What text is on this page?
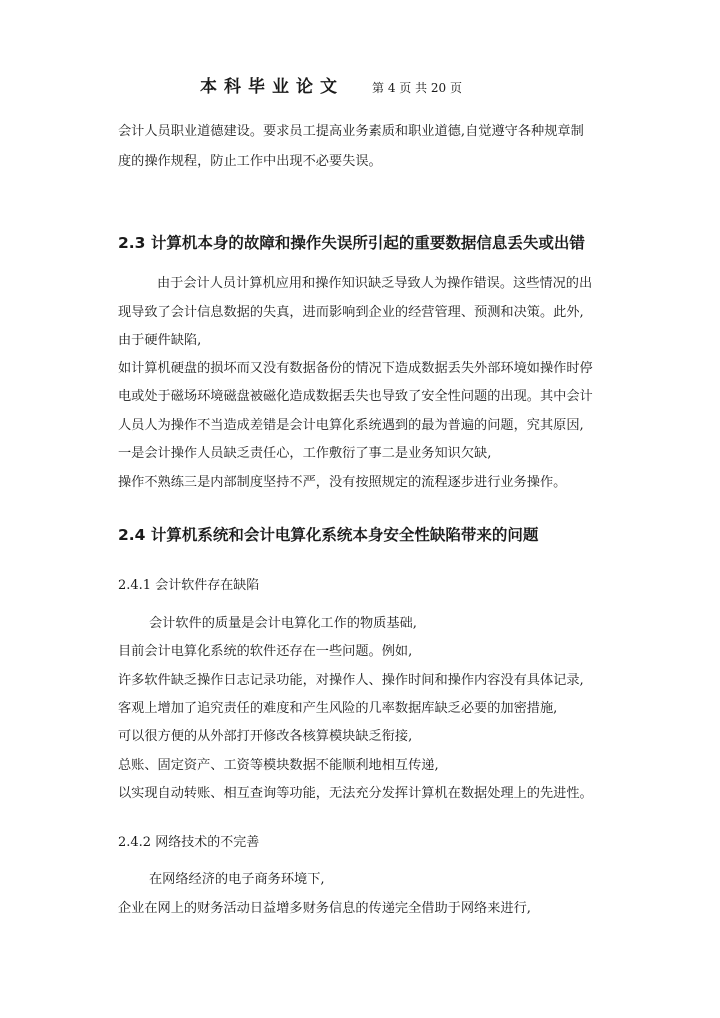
本科毕业论文 第 4 页 共 20 页
会计人员职业道德建设。要求员工提高业务素质和职业道德,自觉遵守各种规章制
度的操作规程，防止工作中出现不必要失误。
2.3 计算机本身的故障和操作失误所引起的重要数据信息丢失或出错
由于会计人员计算机应用和操作知识缺乏导致人为操作错误。这些情况的出
现导致了会计信息数据的失真，进而影响到企业的经营管理、预测和决策。此外,
由于硬件缺陷,
如计算机硬盘的损坏而又没有数据备份的情况下造成数据丢失外部环境如操作时停
电或处于磁场环境磁盘被磁化造成数据丢失也导致了安全性问题的出现。其中会计
人员人为操作不当造成差错是会计电算化系统遇到的最为普遍的问题，究其原因,
一是会计操作人员缺乏责任心，工作敷衍了事二是业务知识欠缺,
操作不熟练三是内部制度坚持不严，没有按照规定的流程逐步进行业务操作。
2.4 计算机系统和会计电算化系统本身安全性缺陷带来的问题
2.4.1 会计软件存在缺陷
会计软件的质量是会计电算化工作的物质基础,
目前会计电算化系统的软件还存在一些问题。例如,
许多软件缺乏操作日志记录功能，对操作人、操作时间和操作内容没有具体记录,
客观上增加了追究责任的难度和产生风险的几率数据库缺乏必要的加密措施,
可以很方便的从外部打开修改各核算模块缺乏衔接,
总账、固定资产、工资等模块数据不能顺利地相互传递,
以实现自动转账、相互查询等功能，无法充分发挥计算机在数据处理上的先进性。
2.4.2 网络技术的不完善
在网络经济的电子商务环境下,
企业在网上的财务活动日益增多财务信息的传递完全借助于网络来进行,
